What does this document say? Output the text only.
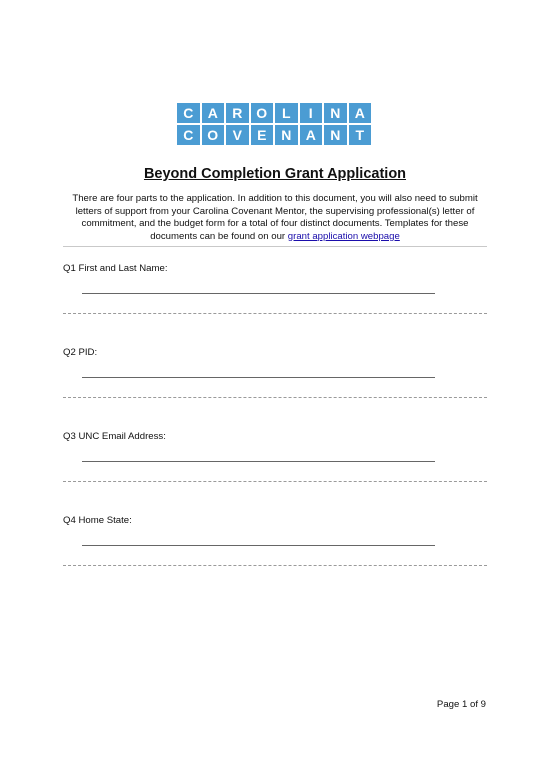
C	A	R O	L	I	N	A
C O	V	E	N	A	N	T
Beyond Completion Grant Application

There are four parts to the application. In addition to this document, you will also need to submit letters of support from your Carolina Covenant Mentor, the supervising professional(s) letter of commitment, and the budget form for a total of four distinct documents. Templates for these documents can be found on our grant application webpage

Q1 First and Last Name:

Q2 PID:

Q3 UNC Email Address:

Q4 Home State:

Page 1 of 9
